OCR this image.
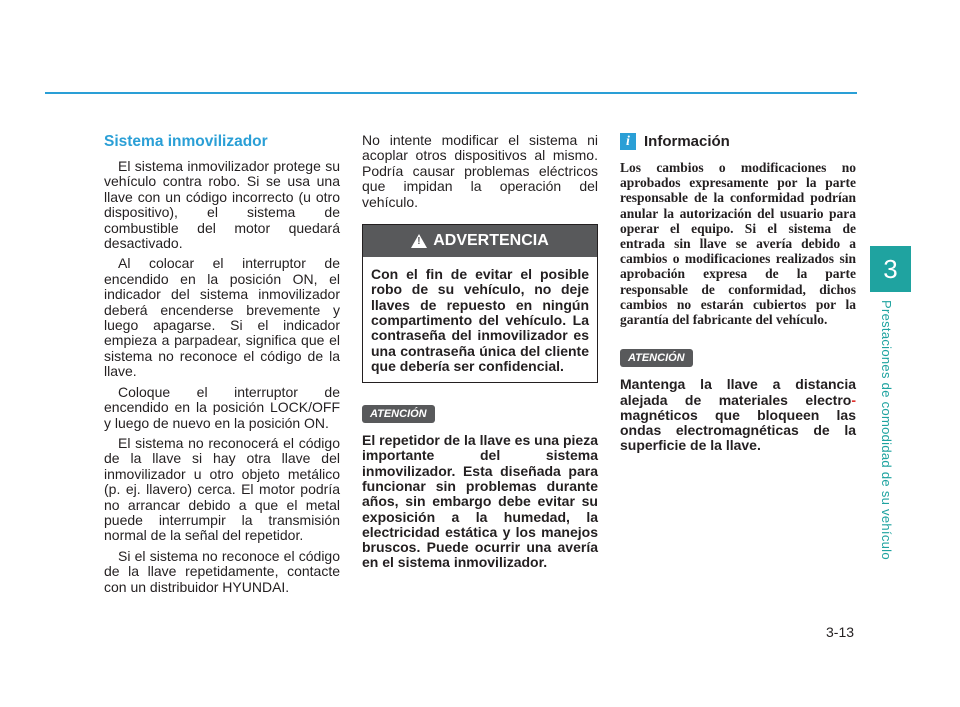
3
Prestaciones de comodidad de su vehículo
3-13
Sistema inmovilizador

El sistema inmovilizador protege su vehículo contra robo. Si se usa una llave con un código incorrecto (u otro dispositivo), el sistema de combustible del motor quedará desactivado.

Al colocar el interruptor de encendido en la posición ON, el indicador del sistema inmovilizador deberá encenderse brevemente y luego apagarse. Si el indicador empieza a parpadear, significa que el sistema no reconoce el código de la llave.

Coloque el interruptor de encendido en la posición LOCK/OFF y luego de nuevo en la posición ON.

El sistema no reconocerá el código de la llave si hay otra llave del inmovilizador u otro objeto metálico (p. ej. llavero) cerca. El motor podría no arrancar debido a que el metal puede interrumpir la transmisión normal de la señal del repetidor.

Si el sistema no reconoce el código de la llave repetidamente, contacte con un distribuidor HYUNDAI.

No intente modificar el sistema ni acoplar otros dispositivos al mismo. Podría causar problemas eléctricos que impidan la operación del vehículo.

!
ADVERTENCIA
Con el fin de evitar el posible robo de su vehículo, no deje llaves de repuesto en ningún compartimento del vehículo. La contraseña del inmovilizador es una contraseña única del cliente que debería ser confidencial.
ATENCIÓN

El repetidor de la llave es una pieza importante del sistema inmovilizador. Esta diseñada para funcionar sin problemas durante años, sin embargo debe evitar su exposición a la humedad, la electricidad estática y los manejos bruscos. Puede ocurrir una avería en el sistema inmovilizador.

i Información

Los cambios o modificaciones no aprobados expresamente por la parte responsable de la conformidad podrían anular la autorización del usuario para operar el equipo. Si el sistema de entrada sin llave se avería debido a cambios o modificaciones realizados sin aprobación expresa de la parte responsable de conformidad, dichos cambios no estarán cubiertos por la garantía del fabricante del vehículo.

ATENCIÓN

Mantenga la llave a distancia alejada de materiales electro- magnéticos que bloqueen las ondas electromagnéticas de la superficie de la llave.
